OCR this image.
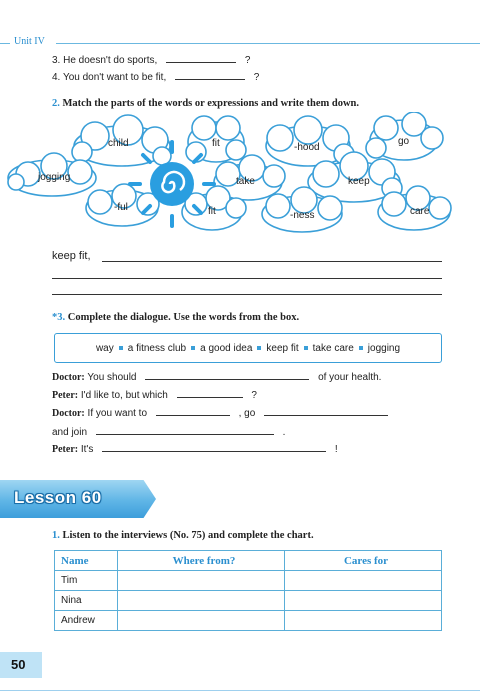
Unit IV
3. He doesn't do sports,	?
4. You don't want to be fit,	?
2. Match the parts of the words or expressions and write them down.
child	fit	-hood
go
jogging	take	keep
-ful	fit	-ness	care
keep fit,
*3. Complete the dialogue. Use the words from the box.
way a fitness club a good idea keep fit take care jogging
Doctor: You should	of your health.
Peter: I'd like to, but which	?
Doctor: If you want to	, go
and join	.
Peter: It's	!
Lesson 60
1. Listen to the interviews (No. 75) and complete the chart.
Name	Where from?	Cares for
Tim		
Nina		
Andrew		
50
